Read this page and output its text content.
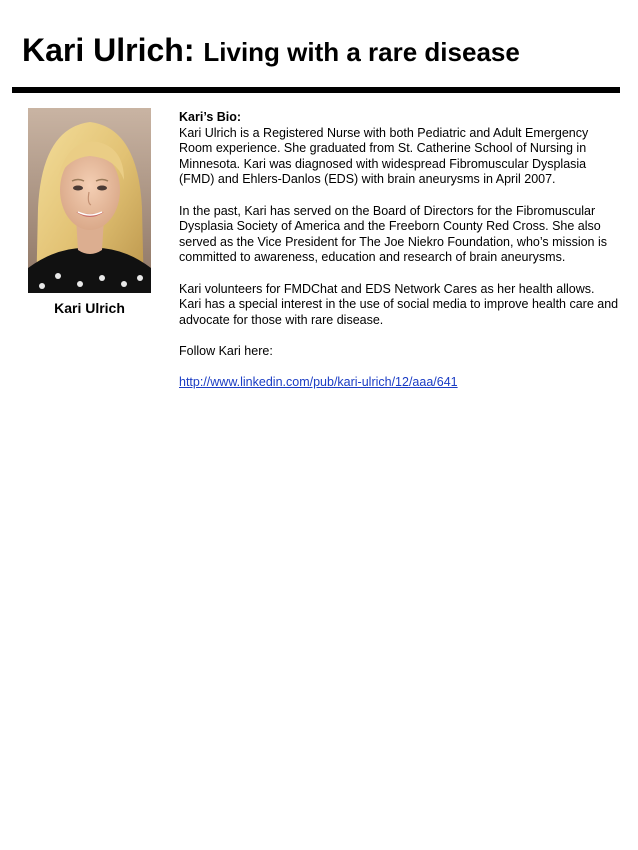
Kari Ulrich: Living with a rare disease
Kari Ulrich
Kari’s Bio:

Kari Ulrich is a Registered Nurse with both Pediatric and Adult Emergency Room experience. She graduated from St. Catherine School of Nursing in Minnesota. Kari was diagnosed with widespread Fibromuscular Dysplasia (FMD) and Ehlers-Danlos (EDS) with brain aneurysms in April 2007.

In the past, Kari has served on the Board of Directors for the Fibromuscular Dysplasia Society of America and the Freeborn County Red Cross. She also served as the Vice President for The Joe Niekro Foundation, who’s mission is committed to awareness, education and research of brain aneurysms.

Kari volunteers for FMDChat and EDS Network Cares as her health allows. Kari has a special interest in the use of social media to improve health care and advocate for those with rare disease.

Follow Kari here:

http://www.linkedin.com/pub/kari-ulrich/12/aaa/641
